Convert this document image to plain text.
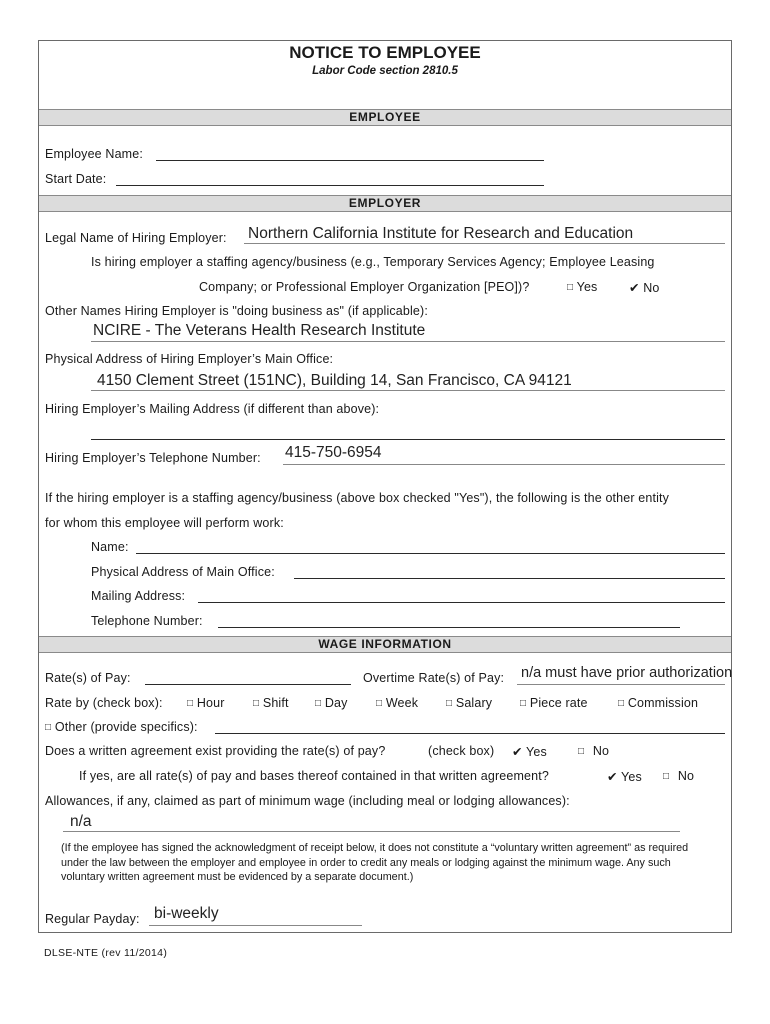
NOTICE TO EMPLOYEE
Labor Code section 2810.5
EMPLOYEE
Employee Name:
Start Date:
EMPLOYER
Legal Name of Hiring Employer: Northern California Institute for Research and Education
Is hiring employer a staffing agency/business (e.g., Temporary Services Agency; Employee Leasing
Company; or Professional Employer Organization [PEO])?	□ Yes	✔ No
Other Names Hiring Employer is "doing business as" (if applicable):
NCIRE - The Veterans Health Research Institute
Physical Address of Hiring Employer’s Main Office:
4150 Clement Street (151NC), Building 14, San Francisco, CA 94121
Hiring Employer’s Mailing Address (if different than above):
Hiring Employer’s Telephone Number: 415-750-6954
If the hiring employer is a staffing agency/business (above box checked "Yes"), the following is the other entity
for whom this employee will perform work:
Name:
Physical Address of Main Office:
Mailing Address:
Telephone Number:
WAGE INFORMATION
Rate(s) of Pay:	Overtime Rate(s) of Pay: n/a must have prior authorization
Rate by (check box): □ Hour	□ Shift	□ Day	□ Week	□ Salary	□ Piece rate	□ Commission
□ Other (provide specifics):
Does a written agreement exist providing the rate(s) of pay?	(check box) ✔ Yes	□ No
If yes, are all rate(s) of pay and bases thereof contained in that written agreement?	✔ Yes □ No
Allowances, if any, claimed as part of minimum wage (including meal or lodging allowances):
n/a
(If the employee has signed the acknowledgment of receipt below, it does not constitute a “voluntary written agreement” as required under the law between the employer and employee in order to credit any meals or lodging against the minimum wage. Any such voluntary written agreement must be evidenced by a separate document.)
Regular Payday: bi-weekly
DLSE-NTE (rev 11/2014)
